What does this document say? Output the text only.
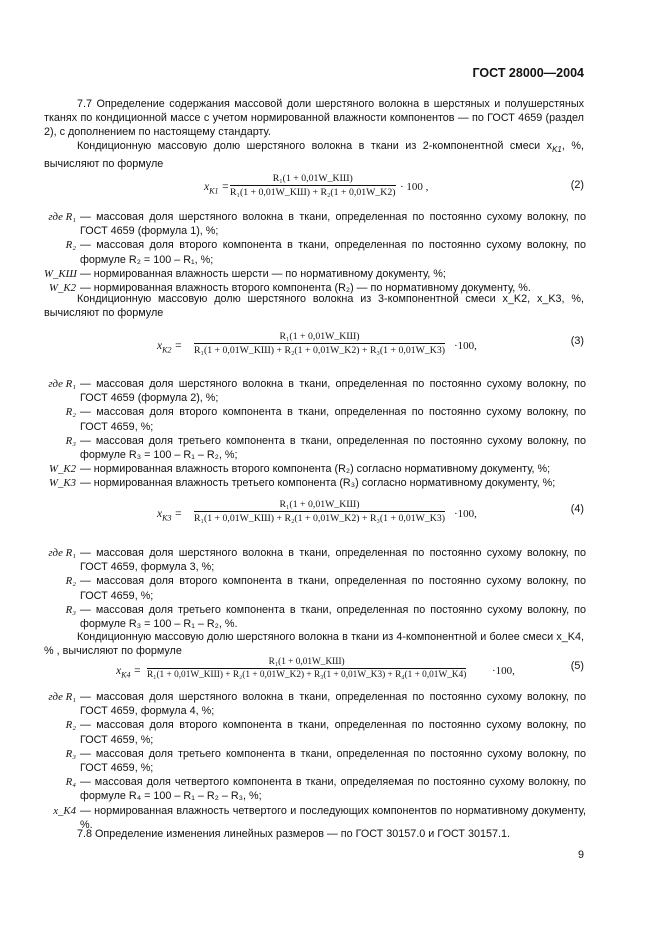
ГОСТ 28000—2004
7.7 Определение содержания массовой доли шерстяного волокна в шерстяных и полушерстяных тканях по кондиционной массе с учетом нормированной влажности компонентов — по ГОСТ 4659 (раздел 2), с дополнением по настоящему стандарту.
Кондиционную массовую долю шерстяного волокна в ткани из 2-компонентной смеси $x_{K1}$, %, вычисляют по формуле
$x_{K1}$ =
R₁(1 + 0,01W_KШ)
R₁(1 + 0,01W_KШ) + R₂(1 + 0,01W_K2) · 100 ,	(2)
где R₁ — массовая доля шерстяного волокна в ткани, определенная по постоянно сухому волокну, по ГОСТ 4659 (формула 1), %;
R₂ — массовая доля второго компонента в ткани, определенная по постоянно сухому волокну, по формуле R₂ = 100 – R₁, %;
W_KШ — нормированная влажность шерсти — по нормативному документу, %;
W_K2 — нормированная влажность второго компонента (R₂) — по нормативному документу, %.
Кондиционную массовую долю шерстяного волокна из 3-компонентной смеси x_K2, x_K3, %, вычисляют по формуле
$x_{K2}$ =
R₁(1 + 0,01W_KШ)
R₁(1 + 0,01W_KШ) + R₂(1 + 0,01W_K2) + R₃(1 + 0,01W_K3) ·100,	(3)
где R₁ — массовая доля шерстяного волокна в ткани, определенная по постоянно сухому волокну, по ГОСТ 4659 (формула 2), %;
R₂ — массовая доля второго компонента в ткани, определенная по постоянно сухому волокну, по ГОСТ 4659, %;
R₃ — массовая доля третьего компонента в ткани, определенная по постоянно сухому волокну, по формуле R₃ = 100 – R₁ – R₂, %;
W_K2 — нормированная влажность второго компонента (R₂) согласно нормативному документу, %;
W_K3 — нормированная влажность третьего компонента (R₃) согласно нормативному документу, %;
$x_{K3}$ =
R₁(1 + 0,01W_KШ)
R₁(1 + 0,01W_KШ) + R₂(1 + 0,01W_K2) + R₃(1 + 0,01W_K3) ·100,	(4)
где R₁ — массовая доля шерстяного волокна в ткани, определенная по постоянно сухому волокну, по ГОСТ 4659, формула 3, %;
R₂ — массовая доля второго компонента в ткани, определенная по постоянно сухому волокну, по ГОСТ 4659, %;
R₃ — массовая доля третьего компонента в ткани, определенная по постоянно сухому волокну, по формуле R₃ = 100 – R₁ – R₂, %.
Кондиционную массовую долю шерстяного волокна в ткани из 4-компонентной и более смеси x_K4, % , вычисляют по формуле
$x_{K4}$ =
R₁(1 + 0,01W_KШ)
R₁(1 + 0,01W_KШ) + R₂(1 + 0,01W_K2) + R₃(1 + 0,01W_K3) + R₄(1 + 0,01W_K4) ·100,	(5)
где R₁ — массовая доля шерстяного волокна в ткани, определенная по постоянно сухому волокну, по ГОСТ 4659, формула 4, %;
R₂ — массовая доля второго компонента в ткани, определенная по постоянно сухому волокну, по ГОСТ 4659, %;
R₃ — массовая доля третьего компонента в ткани, определенная по постоянно сухому волокну, по ГОСТ 4659, %;
R₄ — массовая доля четвертого компонента в ткани, определяемая по постоянно сухому волокну, по формуле R₄ = 100 – R₁ – R₂ – R₃, %;
x_K4 — нормированная влажность четвертого и последующих компонентов по нормативному документу, %.
7.8 Определение изменения линейных размеров — по ГОСТ 30157.0 и ГОСТ 30157.1.
9
